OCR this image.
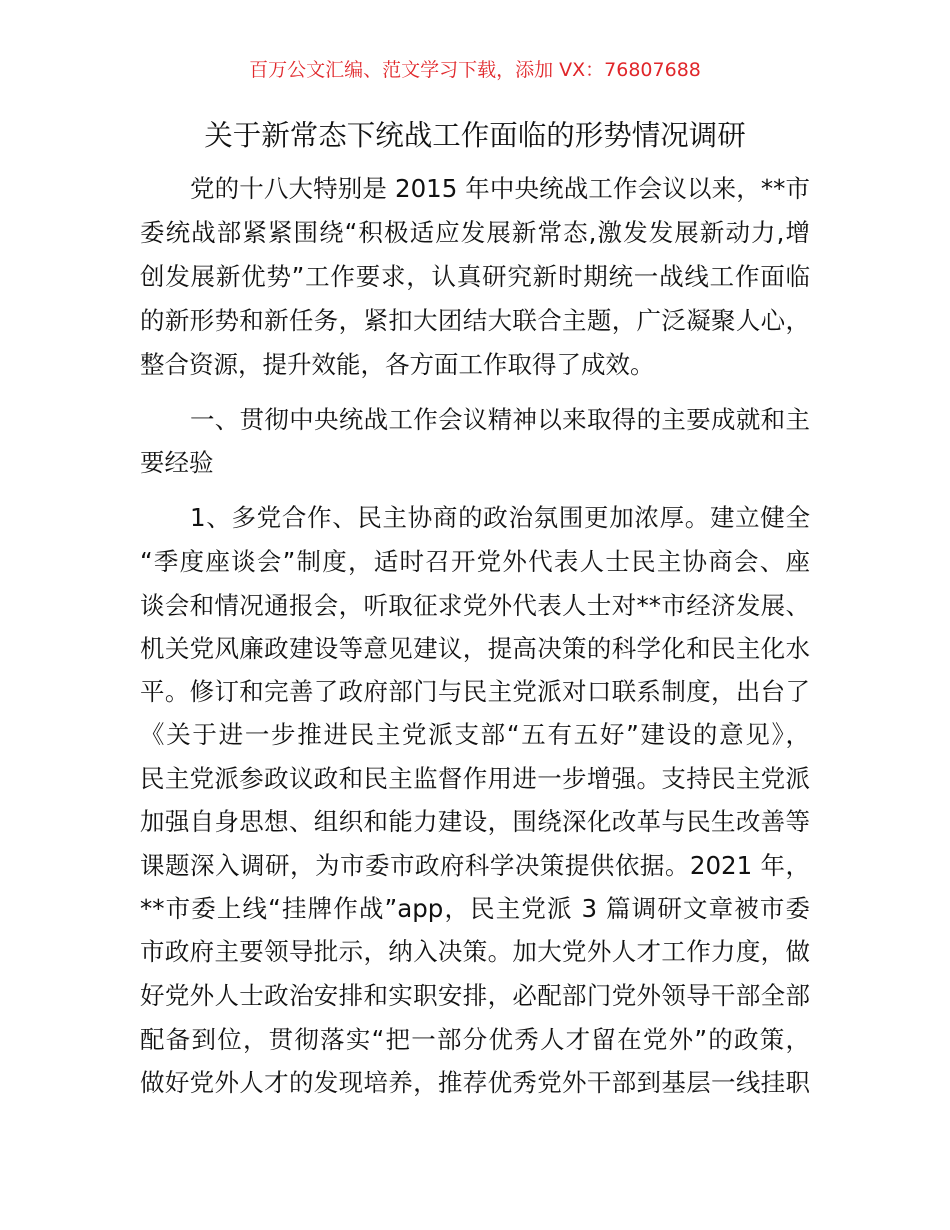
百万公文汇编、范文学习下载，添加 VX：76807688
关于新常态下统战工作面临的形势情况调研
党的十八大特别是 2015 年中央统战工作会议以来，**市
委统战部紧紧围绕“积极适应发展新常态,激发发展新动力,增
创发展新优势”工作要求，认真研究新时期统一战线工作面临
的新形势和新任务，紧扣大团结大联合主题，广泛凝聚人心，
整合资源，提升效能，各方面工作取得了成效。
一、贯彻中央统战工作会议精神以来取得的主要成就和主
要经验
1、多党合作、民主协商的政治氛围更加浓厚。建立健全
“季度座谈会”制度，适时召开党外代表人士民主协商会、座
谈会和情况通报会，听取征求党外代表人士对**市经济发展、
机关党风廉政建设等意见建议，提高决策的科学化和民主化水
平。修订和完善了政府部门与民主党派对口联系制度，出台了
《关于进一步推进民主党派支部“五有五好”建设的意见》，
民主党派参政议政和民主监督作用进一步增强。支持民主党派
加强自身思想、组织和能力建设，围绕深化改革与民生改善等
课题深入调研，为市委市政府科学决策提供依据。2021 年，
**市委上线“挂牌作战”app，民主党派 3 篇调研文章被市委
市政府主要领导批示，纳入决策。加大党外人才工作力度，做
好党外人士政治安排和实职安排，必配部门党外领导干部全部
配备到位，贯彻落实“把一部分优秀人才留在党外”的政策，
做好党外人才的发现培养，推荐优秀党外干部到基层一线挂职
